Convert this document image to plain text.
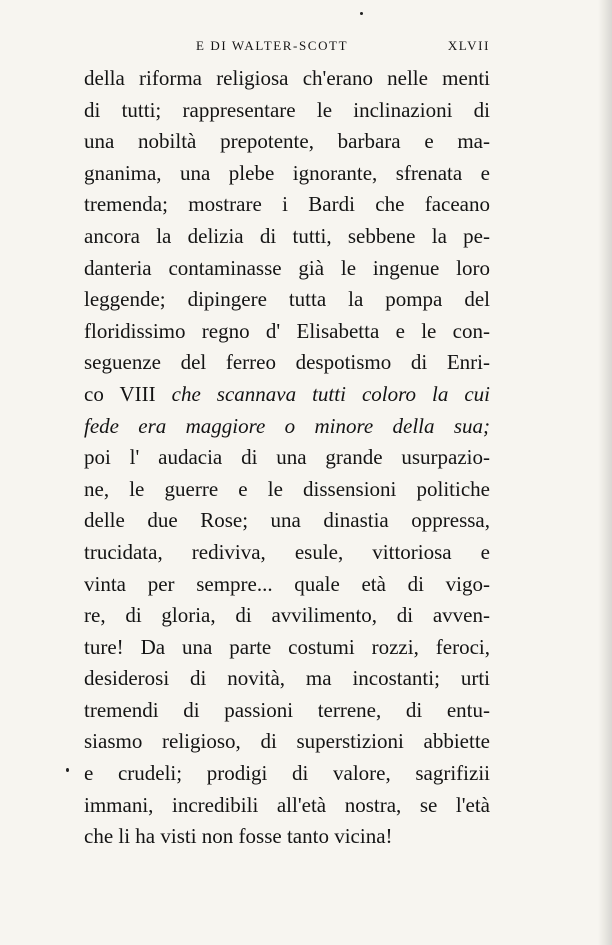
E DI WALTER-SCOTT	XLVII
della riforma religiosa ch'erano nelle menti
di tutti; rappresentare le inclinazioni di
una nobiltà prepotente, barbara e ma-
gnanima, una plebe ignorante, sfrenata e
tremenda; mostrare i Bardi che faceano
ancora la delizia di tutti, sebbene la pe-
danteria contaminasse già le ingenue loro
leggende; dipingere tutta la pompa del
floridissimo regno d' Elisabetta e le con-
seguenze del ferreo despotismo di Enri-
co VIII che scannava tutti coloro la cui
fede era maggiore o minore della sua;
poi l' audacia di una grande usurpazio-
ne, le guerre e le dissensioni politiche
delle due Rose; una dinastia oppressa,
trucidata, rediviva, esule, vittoriosa e
vinta per sempre... quale età di vigo-
re, di gloria, di avvilimento, di avven-
ture! Da una parte costumi rozzi, feroci,
desiderosi di novità, ma incostanti; urti
tremendi di passioni terrene, di entu-
siasmo religioso, di superstizioni abbiette
e crudeli; prodigi di valore, sagrifizii
immani, incredibili all'età nostra, se l'età
che li ha visti non fosse tanto vicina!
